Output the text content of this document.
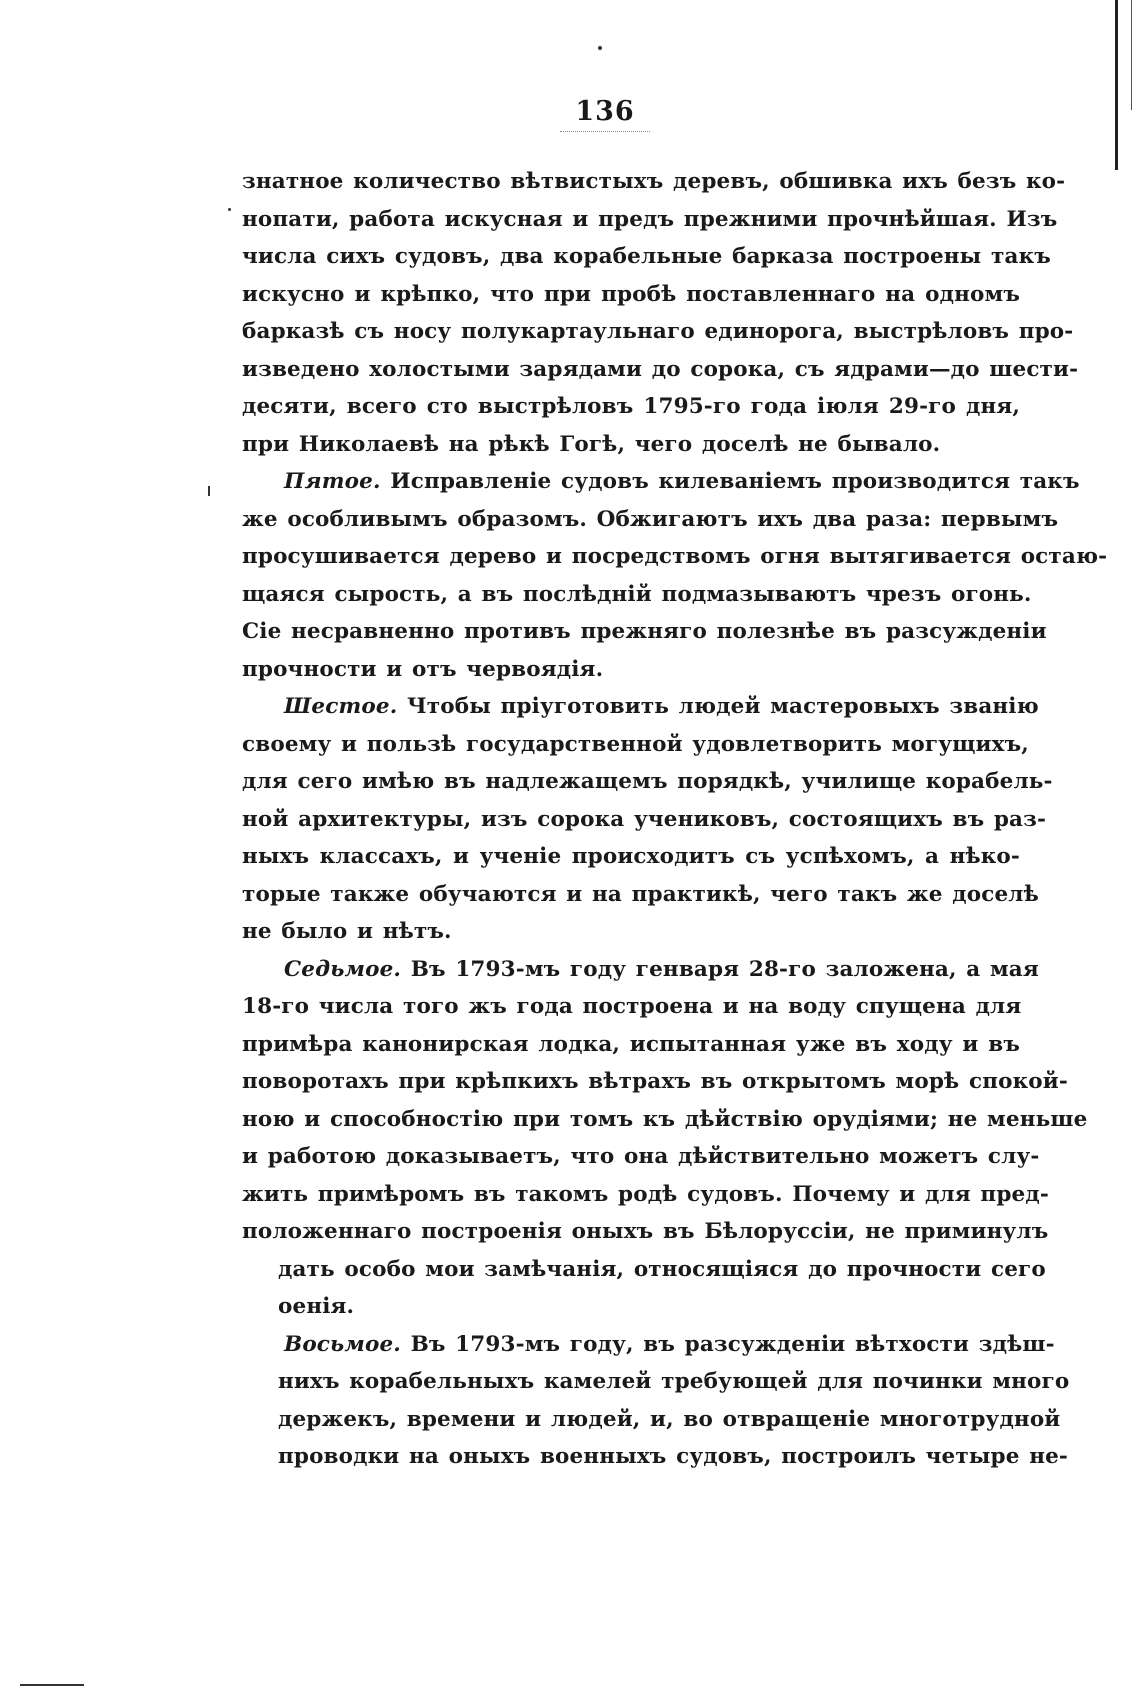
136
знатное количество вѣтвистыхъ деревъ, обшивка ихъ безъ ко-
нопати, работа искусная и предъ прежними прочнѣйшая. Изъ
числа сихъ судовъ, два корабельные барказа построены такъ
искусно и крѣпко, что при пробѣ поставленнаго на одномъ
барказѣ съ носу полукартаульнаго единорога, выстрѣловъ про-
изведено холостыми зарядами до сорока, съ ядрами—до шести-
десяти, всего сто выстрѣловъ 1795-го года іюля 29-го дня,
при Николаевѣ на рѣкѣ Гогѣ, чего доселѣ не бывало.
Пятое. Исправленіе судовъ килеваніемъ производится такъ
же особливымъ образомъ. Обжигаютъ ихъ два раза: первымъ
просушивается дерево и посредствомъ огня вытягивается остаю-
щаяся сырость, а въ послѣдній подмазываютъ чрезъ огонь.
Сіе несравненно противъ прежняго полезнѣе въ разсужденіи
прочности и отъ червоядія.
Шестое. Чтобы пріуготовить людей мастеровыхъ званію
своему и пользѣ государственной удовлетворить могущихъ,
для сего имѣю въ надлежащемъ порядкѣ, училище корабель-
ной архитектуры, изъ сорока учениковъ, состоящихъ въ раз-
ныхъ классахъ, и ученіе происходитъ съ успѣхомъ, а нѣко-
торые также обучаются и на практикѣ, чего такъ же доселѣ
не было и нѣтъ.
Седьмое. Въ 1793-мъ году генваря 28-го заложена, а мая
18-го числа того жъ года построена и на воду спущена для
примѣра канонирская лодка, испытанная уже въ ходу и въ
поворотахъ при крѣпкихъ вѣтрахъ въ открытомъ морѣ спокой-
ною и способностію при томъ къ дѣйствію орудіями; не меньше
и работою доказываетъ, что она дѣйствительно можетъ слу-
жить примѣромъ въ такомъ родѣ судовъ. Почему и для пред-
положеннаго построенія оныхъ въ Бѣлоруссіи, не приминулъ
дать особо мои замѣчанія, относящіяся до прочности сего
оенія.
Восьмое. Въ 1793-мъ году, въ разсужденіи вѣтхости здѣш-
нихъ корабельныхъ камелей требующей для починки много
держекъ, времени и людей, и, во отвращеніе многотрудной
проводки на оныхъ военныхъ судовъ, построилъ четыре не-
